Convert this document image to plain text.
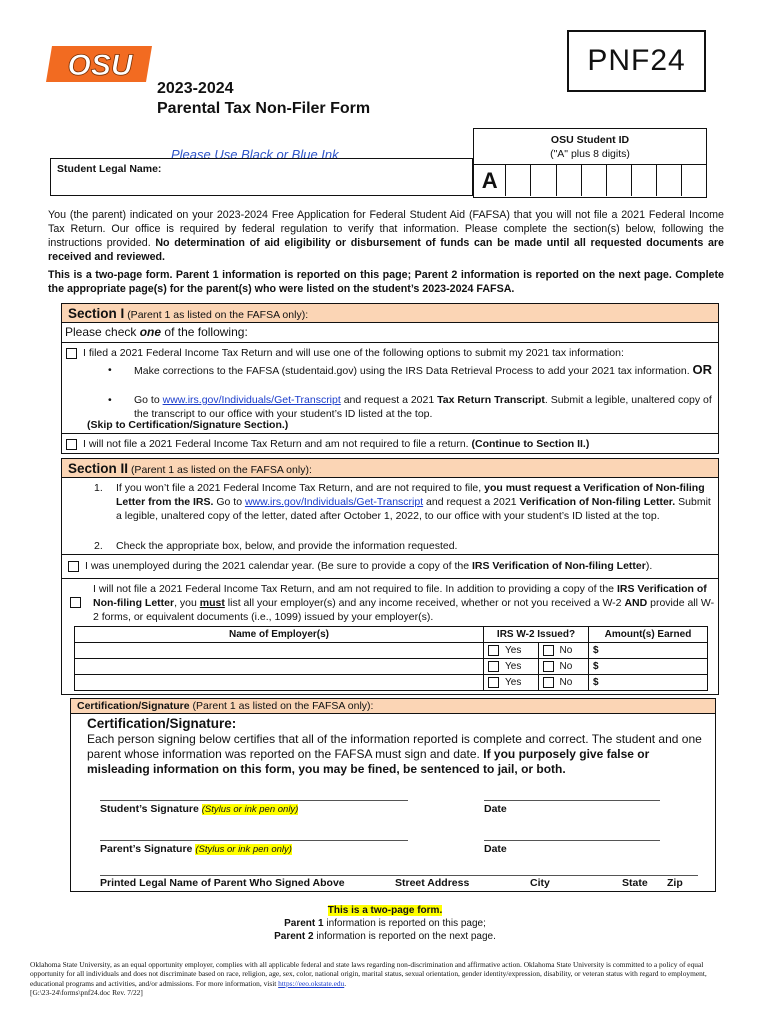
OSU	PNF24
2023-2024
Parental Tax Non-Filer Form
Please Use Black or Blue Ink
OSU Student ID
("A" plus 8 digits)
A
Student Legal Name:
You (the parent) indicated on your 2023-2024 Free Application for Federal Student Aid (FAFSA) that you will not file a 2021 Federal Income Tax Return. Our office is required by federal regulation to verify that information. Please complete the section(s) below, following the instructions provided. No determination of aid eligibility or disbursement of funds can be made until all requested documents are received and reviewed.
This is a two-page form. Parent 1 information is reported on this page; Parent 2 information is reported on the next page. Complete the appropriate page(s) for the parent(s) who were listed on the student’s 2023-2024 FAFSA.
Section I (Parent 1 as listed on the FAFSA only):
Please check one of the following:
I filed a 2021 Federal Income Tax Return and will use one of the following options to submit my 2021 tax information:
•	Make corrections to the FAFSA (studentaid.gov) using the IRS Data Retrieval Process to add your 2021 tax information. OR
•	Go to www.irs.gov/Individuals/Get-Transcript and request a 2021 Tax Return Transcript. Submit a legible, unaltered copy of the transcript to our office with your student’s ID listed at the top.
(Skip to Certification/Signature Section.)
I will not file a 2021 Federal Income Tax Return and am not required to file a return. (Continue to Section II.)
Section II (Parent 1 as listed on the FAFSA only):
1. If you won’t file a 2021 Federal Income Tax Return, and are not required to file, you must request a Verification of Non-filing Letter from the IRS. Go to www.irs.gov/Individuals/Get-Transcript and request a 2021 Verification of Non-filing Letter. Submit a legible, unaltered copy of the letter, dated after October 1, 2022, to our office with your student’s ID listed at the top.
2. Check the appropriate box, below, and provide the information requested.
I was unemployed during the 2021 calendar year. (Be sure to provide a copy of the IRS Verification of Non-filing Letter).
I will not file a 2021 Federal Income Tax Return, and am not required to file. In addition to providing a copy of the IRS Verification of Non-filing Letter, you must list all your employer(s) and any income received, whether or not you received a W-2 AND provide all W-2 forms, or equivalent documents (i.e., 1099) issued by your employer(s).
Name of Employer(s)	IRS W-2 Issued?		Amount(s) Earned
	Yes	No	$
	Yes	No	$
	Yes	No	$
Certification/Signature (Parent 1 as listed on the FAFSA only):
Certification/Signature:
Each person signing below certifies that all of the information reported is complete and correct. The student and one parent whose information was reported on the FAFSA must sign and date. If you purposely give false or misleading information on this form, you may be fined, be sentenced to jail, or both.
Student’s Signature (Stylus or ink pen only)	Date
Parent’s Signature (Stylus or ink pen only)	Date
Printed Legal Name of Parent Who Signed Above	Street Address	City	State Zip
This is a two-page form.
Parent 1 information is reported on this page;
Parent 2 information is reported on the next page.
Oklahoma State University, as an equal opportunity employer, complies with all applicable federal and state laws regarding non-discrimination and affirmative action. Oklahoma State University is committed to a policy of equal opportunity for all individuals and does not discriminate based on race, religion, age, sex, color, national origin, marital status, sexual orientation, gender identity/expression, disability, or veteran status with regard to employment, educational programs and activities, and/or admissions. For more information, visit https://eeo.okstate.edu.
[G:\23-24\forms\pnf24.doc Rev. 7/22]
